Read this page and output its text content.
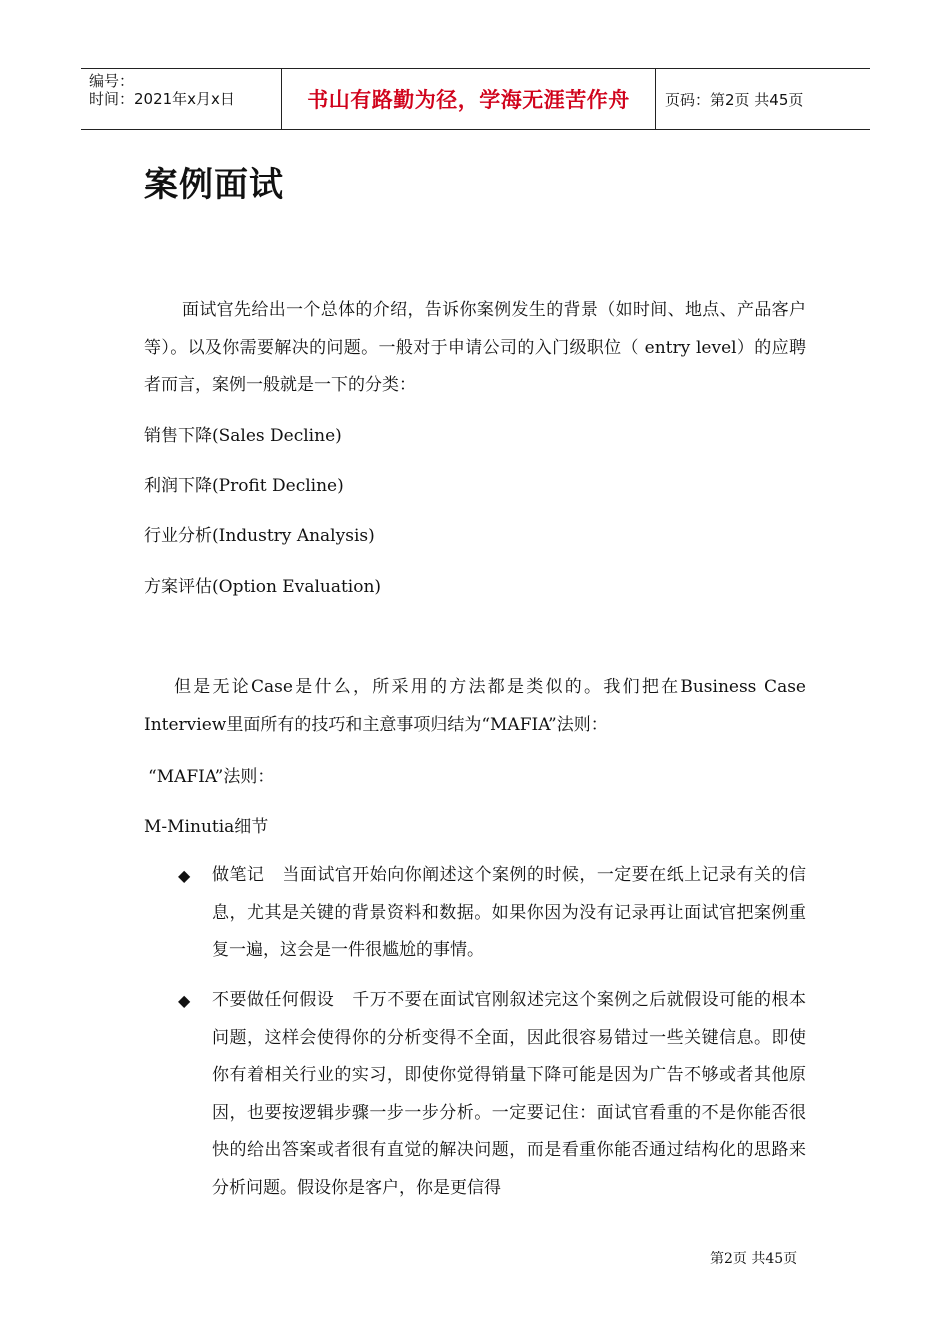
编号：
时间：2021年x月x日	书山有路勤为径，学海无涯苦作舟	页码：第2页 共45页
案例面试
面试官先给出一个总体的介绍，告诉你案例发生的背景（如时间、地点、产品客户等）。以及你需要解决的问题。一般对于申请公司的入门级职位（ entry level）的应聘者而言，案例一般就是一下的分类：
销售下降(Sales Decline)
利润下降(Profit Decline)
行业分析(Industry Analysis)
方案评估(Option Evaluation)
但是无论Case是什么，所采用的方法都是类似的。我们把在Business Case Interview里面所有的技巧和主意事项归结为“MAFIA”法则：
“MAFIA”法则：
M-Minutia细节
◆	做笔记 当面试官开始向你阐述这个案例的时候，一定要在纸上记录有关的信息，尤其是关键的背景资料和数据。如果你因为没有记录再让面试官把案例重复一遍，这会是一件很尴尬的事情。
◆	不要做任何假设 千万不要在面试官刚叙述完这个案例之后就假设可能的根本问题，这样会使得你的分析变得不全面，因此很容易错过一些关键信息。即使你有着相关行业的实习，即使你觉得销量下降可能是因为广告不够或者其他原因，也要按逻辑步骤一步一步分析。一定要记住：面试官看重的不是你能否很快的给出答案或者很有直觉的解决问题，而是看重你能否通过结构化的思路来分析问题。假设你是客户，你是更信得
第2页 共45页
